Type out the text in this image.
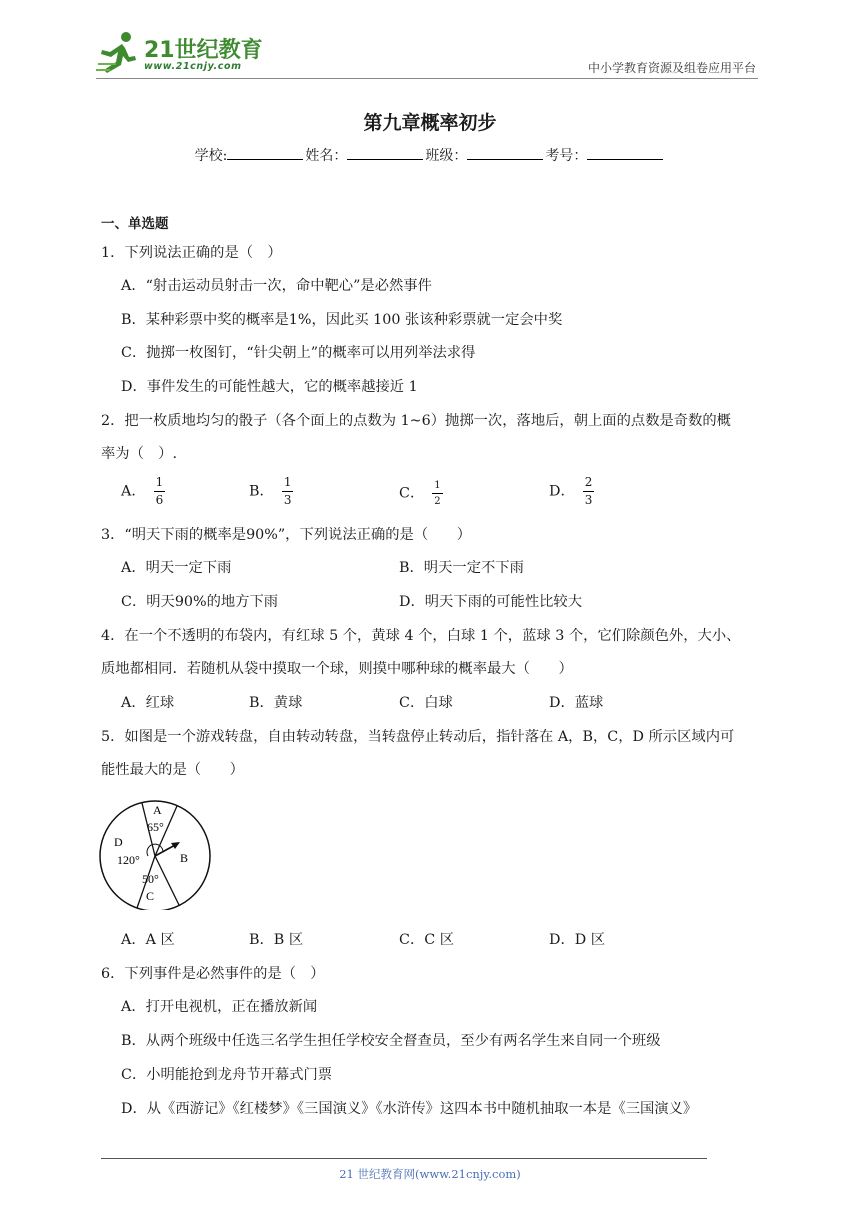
21世纪教育
www.21cnjy.com	中小学教育资源及组卷应用平台
第九章概率初步
学校:	姓名：	班级：	考号：
一、单选题
1．下列说法正确的是（　）
A．“射击运动员射击一次，命中靶心”是必然事件
B．某种彩票中奖的概率是1%，因此买 100 张该种彩票就一定会中奖
C．抛掷一枚图钉，“针尖朝上”的概率可以用列举法求得
D．事件发生的可能性越大，它的概率越接近 1
2．把一枚质地均匀的骰子（各个面上的点数为 1~6）抛掷一次，落地后，朝上面的点数是奇数的概
率为（　）.
A． $\frac{1}{6}$	B． $\frac{1}{3}$	C． $\frac{1}{2}$	D． $\frac{2}{3}$
3．“明天下雨的概率是90%”，下列说法正确的是（　　）
A．明天一定下雨	B．明天一定不下雨
C．明天90%的地方下雨	D．明天下雨的可能性比较大
4．在一个不透明的布袋内，有红球 5 个，黄球 4 个，白球 1 个，蓝球 3 个，它们除颜色外，大小、
质地都相同．若随机从袋中摸取一个球，则摸中哪种球的概率最大（　　）
A．红球	B．黄球	C．白球	D．蓝球
5．如图是一个游戏转盘，自由转动转盘，当转盘停止转动后，指针落在 A，B，C，D 所示区域内可
能性最大的是（　　）
A
65°
B
D
120°
50°
C
A．A 区	B．B 区	C．C 区	D．D 区
6．下列事件是必然事件的是（　）
A．打开电视机，正在播放新闻
B．从两个班级中任选三名学生担任学校安全督查员，至少有两名学生来自同一个班级
C．小明能抢到龙舟节开幕式门票
D．从《西游记》《红楼梦》《三国演义》《水浒传》这四本书中随机抽取一本是《三国演义》
21 世纪教育网(www.21cnjy.com)
